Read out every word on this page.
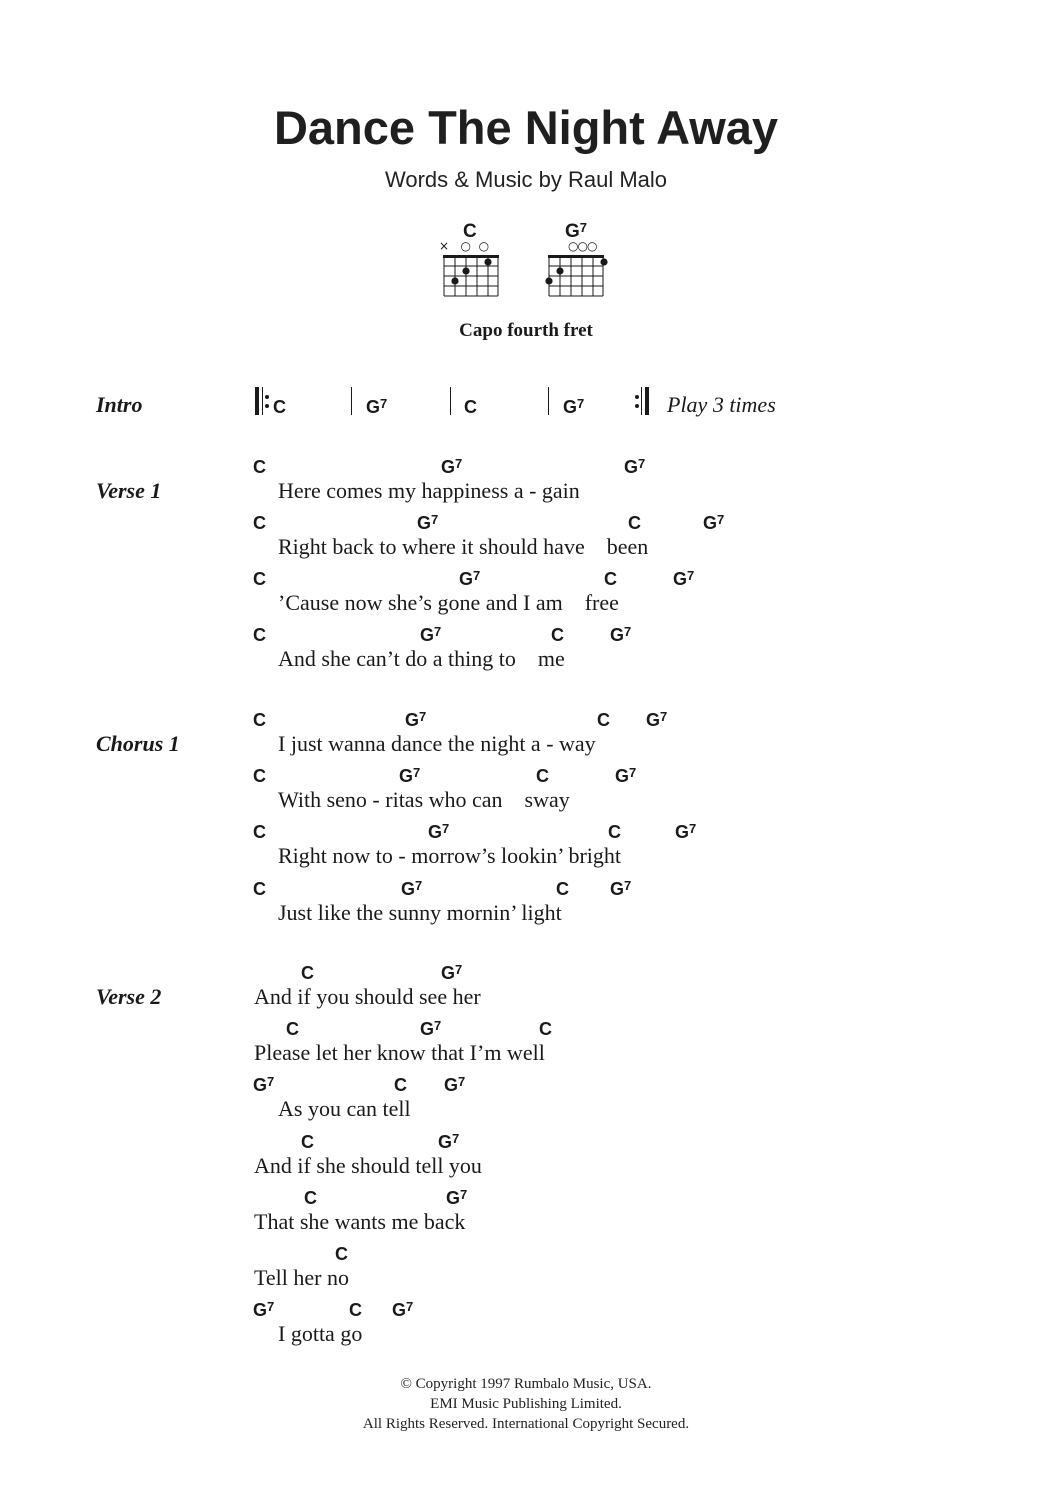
Dance The Night Away
Words & Music by Raul Malo
C
×   ○  ○
$G^7$
○○○
Capo fourth fret
Intro	C	$G^7$	C	$G^7$	Play 3 times
Verse 1
C	$G^7$	$G^7$
Here comes my happiness a - gain
C	$G^7$	C	$G^7$
Right back to where it should have    been
C	$G^7$	C	$G^7$
’Cause now she’s gone and I am    free
C	$G^7$	C	$G^7$
And she can’t do a thing to    me
Chorus 1
C	$G^7$	C $G^7$
I just wanna dance the night a - way
C	$G^7$	C	$G^7$
With seno - ritas who can    sway
C	$G^7$	C	$G^7$
Right now to - morrow’s lookin’ bright
C	$G^7$	C $G^7$
Just like the sunny mornin’ light
Verse 2
C	$G^7$
And if you should see her
C	$G^7$	C
Please let her know that I’m well
$G^7$	C $G^7$
As you can tell
C	$G^7$
And if she should tell you
C	$G^7$
That she wants me back
C
Tell her no
$G^7$	C $G^7$
I gotta go
© Copyright 1997 Rumbalo Music, USA.
EMI Music Publishing Limited.
All Rights Reserved. International Copyright Secured.
